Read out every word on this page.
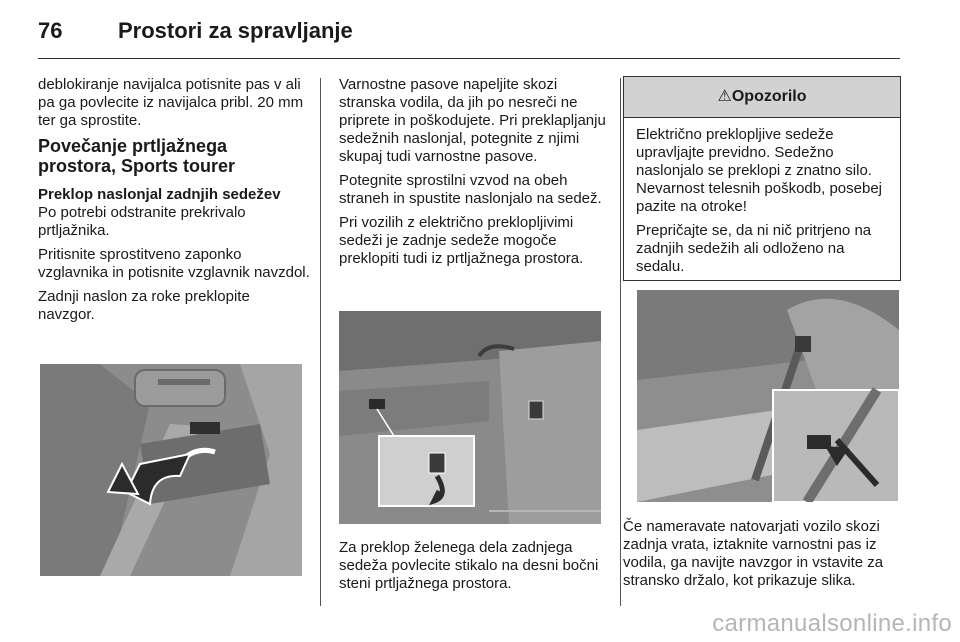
76	Prostori za spravljanje

deblokiranje navijalca potisnite pas v ali pa ga povlecite iz navijalca pribl. 20 mm ter ga sprostite.

Povečanje prtljažnega prostora, Sports tourer
Preklop naslonjal zadnjih sedežev

Po potrebi odstranite prekrivalo prtljažnika.

Pritisnite sprostitveno zaponko vzglavnika in potisnite vzglavnik navzdol.

Zadnji naslon za roke preklopite navzgor.

Varnostne pasove napeljite skozi stranska vodila, da jih po nesreči ne priprete in poškodujete. Pri preklapljanju sedežnih naslonjal, potegnite z njimi skupaj tudi varnostne pasove.

Potegnite sprostilni vzvod na obeh straneh in spustite naslonjalo na sedež.

Pri vozilih z električno preklopljivimi sedeži je zadnje sedeže mogoče preklopiti tudi iz prtljažnega prostora.

Za preklop želenega dela zadnjega sedeža povlecite stikalo na desni bočni steni prtljažnega prostora.

⚠Opozorilo

Električno preklopljive sedeže upravljajte previdno. Sedežno naslonjalo se preklopi z znatno silo. Nevarnost telesnih poškodb, posebej pazite na otroke!

Prepričajte se, da ni nič pritrjeno na zadnjih sedežih ali odloženo na sedalu.

Če nameravate natovarjati vozilo skozi zadnja vrata, iztaknite varnostni pas iz vodila, ga navijte navzgor in vstavite za stransko držalo, kot prikazuje slika.

carmanualsonline.info
